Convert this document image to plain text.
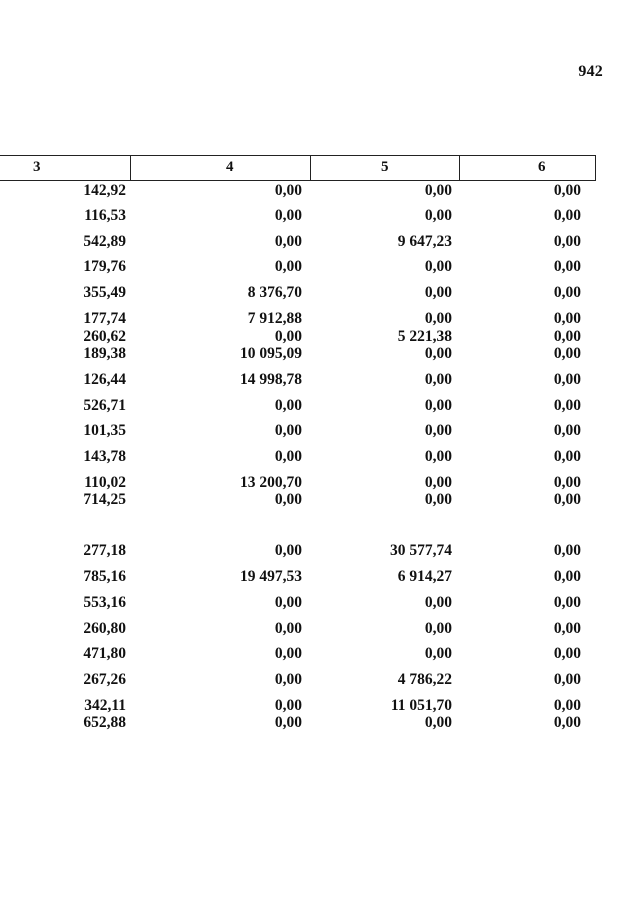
942
3	4	5	6
142,92	0,00	0,00	0,00
116,53	0,00	0,00	0,00
542,89	0,00	9 647,23	0,00
179,76	0,00	0,00	0,00
355,49	8 376,70	0,00	0,00
177,74	7 912,88	0,00	0,00
260,62	0,00	5 221,38	0,00
189,38	10 095,09	0,00	0,00
126,44	14 998,78	0,00	0,00
526,71	0,00	0,00	0,00
101,35	0,00	0,00	0,00
143,78	0,00	0,00	0,00
110,02	13 200,70	0,00	0,00
714,25	0,00	0,00	0,00
277,18	0,00	30 577,74	0,00
785,16	19 497,53	6 914,27	0,00
553,16	0,00	0,00	0,00
260,80	0,00	0,00	0,00
471,80	0,00	0,00	0,00
267,26	0,00	4 786,22	0,00
342,11	0,00	11 051,70	0,00
652,88	0,00	0,00	0,00
